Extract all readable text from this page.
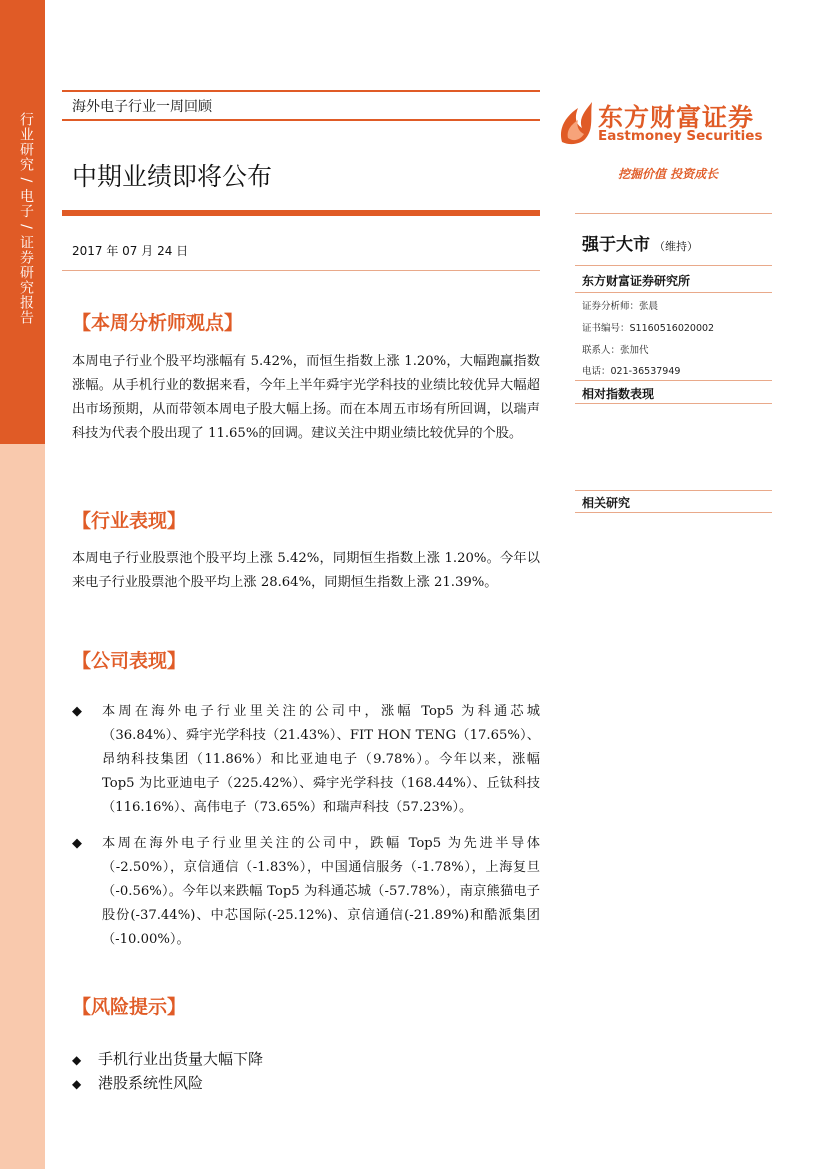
行业研究 / 电子 / 证券研究报告
海外电子行业一周回顾
中期业绩即将公布
2017 年 07 月 24 日
【本周分析师观点】
本周电子行业个股平均涨幅有 5.42%，而恒生指数上涨 1.20%，大幅跑赢指数涨幅。从手机行业的数据来看，今年上半年舜宇光学科技的业绩比较优异大幅超出市场预期，从而带领本周电子股大幅上扬。而在本周五市场有所回调，以瑞声科技为代表个股出现了 11.65%的回调。建议关注中期业绩比较优异的个股。
【行业表现】
本周电子行业股票池个股平均上涨 5.42%，同期恒生指数上涨 1.20%。今年以来电子行业股票池个股平均上涨 28.64%，同期恒生指数上涨 21.39%。
【公司表现】
◆ 本周在海外电子行业里关注的公司中，涨幅 Top5 为科通芯城（36.84%）、舜宇光学科技（21.43%）、FIT HON TENG（17.65%）、昂纳科技集团（11.86%）和比亚迪电子（9.78%）。今年以来，涨幅 Top5 为比亚迪电子（225.42%）、舜宇光学科技（168.44%）、丘钛科技（116.16%）、高伟电子（73.65%）和瑞声科技（57.23%）。
◆ 本周在海外电子行业里关注的公司中，跌幅 Top5 为先进半导体（-2.50%），京信通信（-1.83%），中国通信服务（-1.78%），上海复旦（-0.56%）。今年以来跌幅 Top5 为科通芯城（-57.78%），南京熊猫电子股份(-37.44%)、中芯国际(-25.12%)、京信通信(-21.89%)和酷派集团（-10.00%）。
【风险提示】
◆ 手机行业出货量大幅下降
◆ 港股系统性风险
东方财富证券
Eastmoney Securities
挖掘价值 投资成长
强于大市 （维持）
东方财富证券研究所
证券分析师：张晨
证书编号：S1160516020002
联系人：张加代
电话：021-36537949
相对指数表现
相关研究
